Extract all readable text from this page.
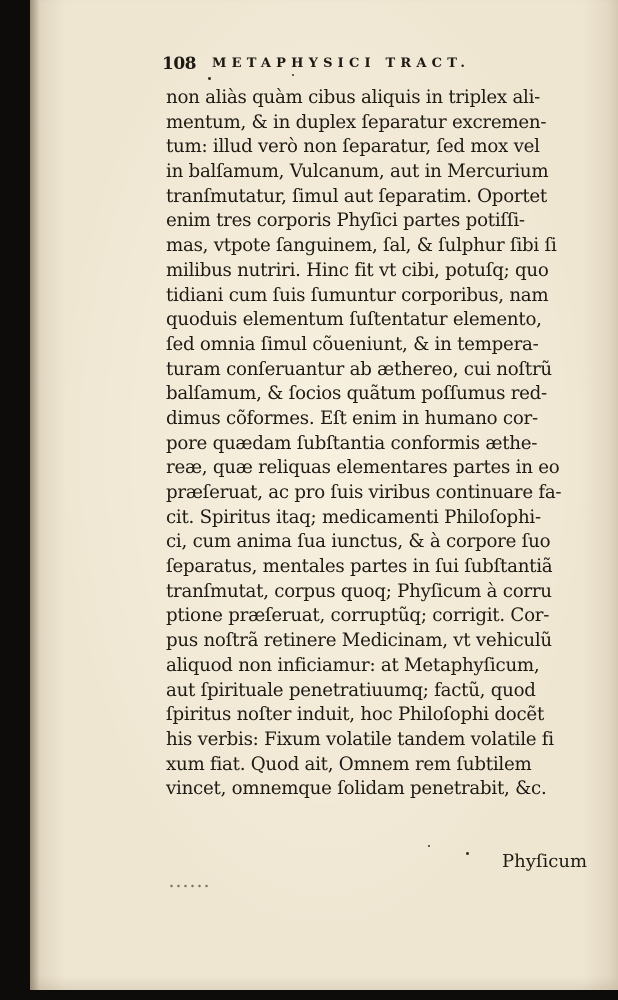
108 METAPHYSICI TRACT.
non aliàs quàm cibus aliquis in triplex ali-
mentum, & in duplex ſeparatur excremen-
tum: illud verò non ſeparatur, ſed mox vel
in balſamum, Vulcanum, aut in Mercurium
tranſmutatur, ſimul aut ſeparatim. Oportet
enim tres corporis Phyſici partes potiſſi-
mas, vtpote ſanguinem, ſal, & ſulphur ſibi ſi
milibus nutriri. Hinc fit vt cibi, potuſq; quo
tidiani cum ſuis ſumuntur corporibus, nam
quoduis elementum ſuſtentatur elemento,
ſed omnia ſimul cõueniunt, & in tempera-
turam conſeruantur ab æthereo, cui noſtrũ
balſamum, & ſocios quãtum poſſumus red-
dimus cõformes. Eſt enim in humano cor-
pore quædam ſubſtantia conformis æthe-
reæ, quæ reliquas elementares partes in eo
præſeruat, ac pro ſuis viribus continuare fa-
cit. Spiritus itaq; medicamenti Philoſophi-
ci, cum anima ſua iunctus, & à corpore ſuo
ſeparatus, mentales partes in ſui ſubſtantiã
tranſmutat, corpus quoq; Phyſicum à corru
ptione præſeruat, corruptũq; corrigit. Cor-
pus noſtrã retinere Medicinam, vt vehiculũ
aliquod non inficiamur: at Metaphyſicum,
aut ſpirituale penetratiuumq; factũ, quod
ſpiritus noſter induit, hoc Philoſophi docẽt
his verbis: Fixum volatile tandem volatile fi
xum fiat. Quod ait, Omnem rem ſubtilem
vincet, omnemque ſolidam penetrabit, &c.
Phyſicum
